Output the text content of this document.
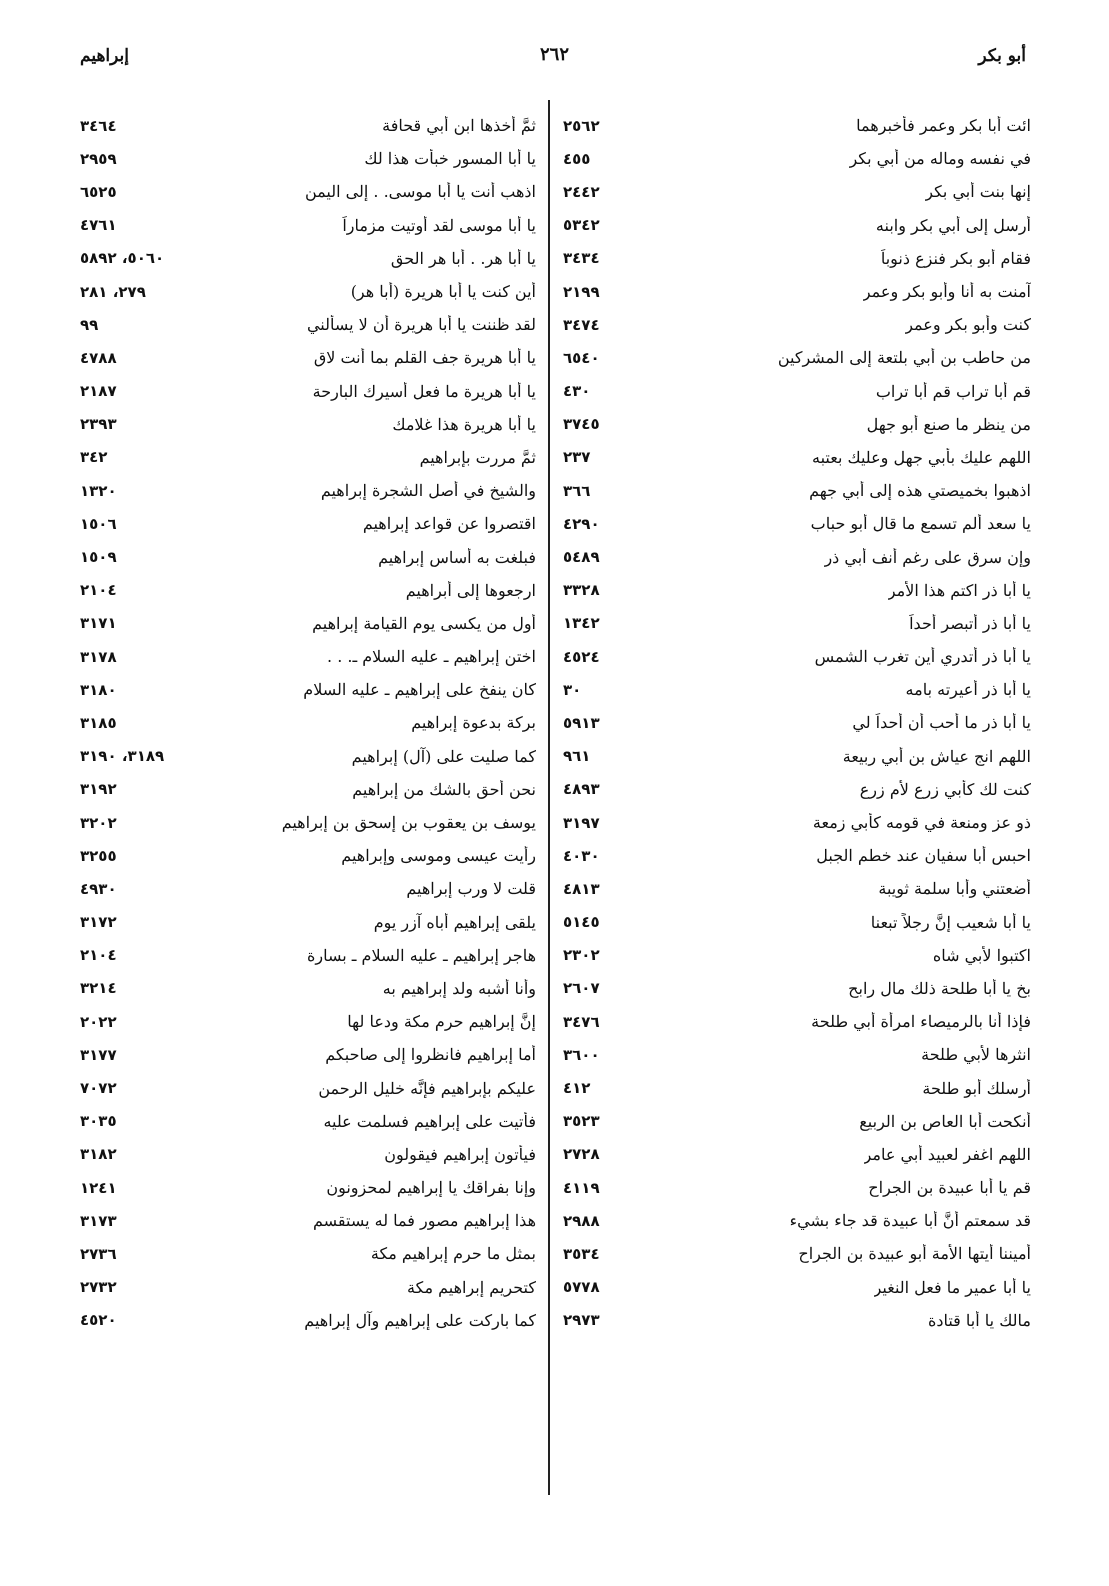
أبو بكر
٢٦٢
إبراهيم
ائت أبا بكر وعمر فأخبرهما
٢٥٦٢
في نفسه وماله من أبي بكر
٤٥٥
إنها بنت أبي بكر
٢٤٤٢
أرسل إلى أبي بكر وابنه
٥٣٤٢
فقام أبو بكر فنزع ذنوباً
٣٤٣٤
آمنت به أنا وأبو بكر وعمر
٢١٩٩
كنت وأبو بكر وعمر
٣٤٧٤
من حاطب بن أبي بلتعة إلى المشركين
٦٥٤٠
قم أبا تراب قم أبا تراب
٤٣٠
من ينظر ما صنع أبو جهل
٣٧٤٥
اللهم عليك بأبي جهل وعليك بعتبه
٢٣٧
اذهبوا بخميصتي هذه إلى أبي جهم
٣٦٦
يا سعد ألم تسمع ما قال أبو حباب
٤٢٩٠
وإن سرق على رغم أنف أبي ذر
٥٤٨٩
يا أبا ذر اكتم هذا الأمر
٣٣٢٨
يا أبا ذر أتبصر أحداً
١٣٤٢
يا أبا ذر أتدري أين تغرب الشمس
٤٥٢٤
يا أبا ذر أعيرته بامه
٣٠
يا أبا ذر ما أحب أن أحداً لي
٥٩١٣
اللهم انج عياش بن أبي ربيعة
٩٦١
كنت لك كأبي زرع لأم زرع
٤٨٩٣
ذو عز ومنعة في قومه كأبي زمعة
٣١٩٧
احبس أبا سفيان عند خطم الجبل
٤٠٣٠
أضعتني وأبا سلمة ثويبة
٤٨١٣
يا أبا شعيب إنَّ رجلاً تبعنا
٥١٤٥
اكتبوا لأبي شاه
٢٣٠٢
بخ يا أبا طلحة ذلك مال رابح
٢٦٠٧
فإذا أنا بالرميصاء امرأة أبي طلحة
٣٤٧٦
انثرها لأبي طلحة
٣٦٠٠
أرسلك أبو طلحة
٤١٢
أنكحت أبا العاص بن الربيع
٣٥٢٣
اللهم اغفر لعبيد أبي عامر
٢٧٢٨
قم يا أبا عبيدة بن الجراح
٤١١٩
قد سمعتم أنَّ أبا عبيدة قد جاء بشيء
٢٩٨٨
أميننا أيتها الأمة أبو عبيدة بن الجراح
٣٥٣٤
يا أبا عمير ما فعل النغير
٥٧٧٨
مالك يا أبا قتادة
٢٩٧٣
ثمَّ أخذها ابن أبي قحافة
٣٤٦٤
يا أبا المسور خبأت هذا لك
٢٩٥٩
اذهب أنت يا أبا موسى. . إلى اليمن
٦٥٢٥
يا أبا موسى لقد أوتيت مزماراً
٤٧٦١
يا أبا هر. . أبا هر الحق
٥٠٦٠، ٥٨٩٢
أين كنت يا أبا هريرة (أبا هر)
٢٧٩، ٢٨١
لقد ظننت يا أبا هريرة أن لا يسألني
٩٩
يا أبا هريرة جف القلم بما أنت لاق
٤٧٨٨
يا أبا هريرة ما فعل أسيرك البارحة
٢١٨٧
يا أبا هريرة هذا غلامك
٢٣٩٣
ثمَّ مررت بإبراهيم
٣٤٢
والشيخ في أصل الشجرة إبراهيم
١٣٢٠
اقتصروا عن قواعد إبراهيم
١٥٠٦
فبلغت به أساس إبراهيم
١٥٠٩
ارجعوها إلى أبراهيم
٢١٠٤
أول من يكسى يوم القيامة إبراهيم
٣١٧١
اختن إبراهيم ـ عليه السلام ـ. . .
٣١٧٨
كان ينفخ على إبراهيم ـ عليه السلام
٣١٨٠
بركة بدعوة إبراهيم
٣١٨٥
كما صليت على (آل) إبراهيم
٣١٨٩، ٣١٩٠
نحن أحق بالشك من إبراهيم
٣١٩٢
يوسف بن يعقوب بن إسحق بن إبراهيم
٣٢٠٢
رأيت عيسى وموسى وإبراهيم
٣٢٥٥
قلت لا ورب إبراهيم
٤٩٣٠
يلقى إبراهيم أباه آزر يوم
٣١٧٢
هاجر إبراهيم ـ عليه السلام ـ بسارة
٢١٠٤
وأنا أشبه ولد إبراهيم به
٣٢١٤
إنَّ إبراهيم حرم مكة ودعا لها
٢٠٢٢
أما إبراهيم فانظروا إلى صاحبكم
٣١٧٧
عليكم بإبراهيم فإنَّه خليل الرحمن
٧٠٧٢
فأتيت على إبراهيم فسلمت عليه
٣٠٣٥
فيأتون إبراهيم فيقولون
٣١٨٢
وإنا بفراقك يا إبراهيم لمحزونون
١٢٤١
هذا إبراهيم مصور فما له يستقسم
٣١٧٣
بمثل ما حرم إبراهيم مكة
٢٧٣٦
كتحريم إبراهيم مكة
٢٧٣٢
كما باركت على إبراهيم وآل إبراهيم
٤٥٢٠
